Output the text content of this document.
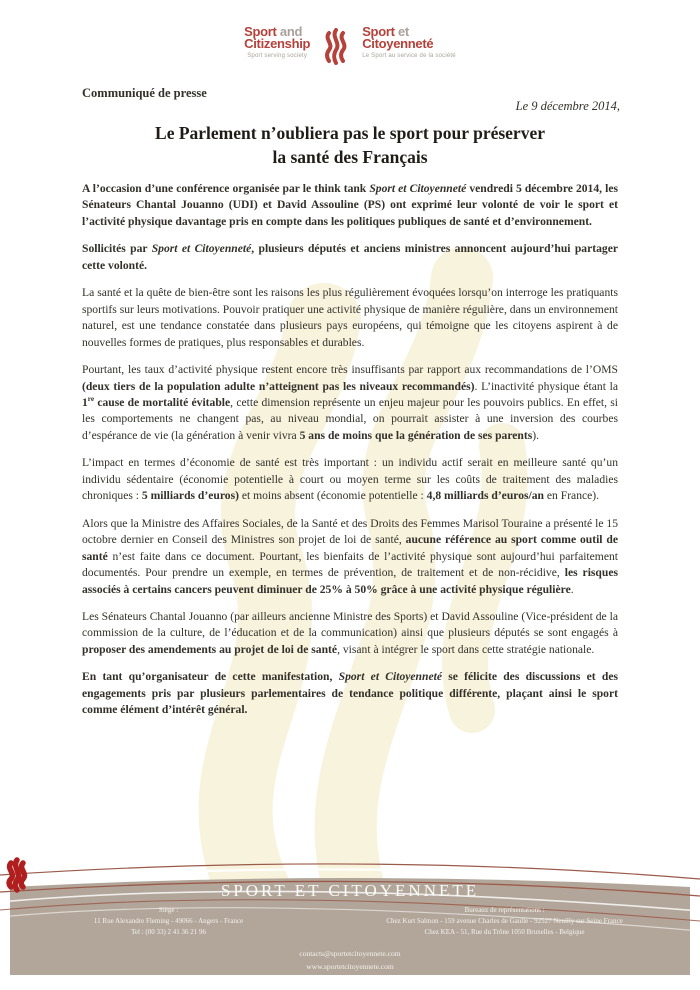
Sport and
Citizenship
Sport serving society
Sport et
Citoyenneté
Le Sport au service de la société
Communiqué de presse
Le 9 décembre 2014,
Le Parlement n’oubliera pas le sport pour préserver
la santé des Français

A l’occasion d’une conférence organisée par le think tank Sport et Citoyenneté vendredi 5 décembre 2014, les Sénateurs Chantal Jouanno (UDI) et David Assouline (PS) ont exprimé leur volonté de voir le sport et l’activité physique davantage pris en compte dans les politiques publiques de santé et d’environnement.

Sollicités par Sport et Citoyenneté, plusieurs députés et anciens ministres annoncent aujourd’hui partager cette volonté.

La santé et la quête de bien-être sont les raisons les plus régulièrement évoquées lorsqu’on interroge les pratiquants sportifs sur leurs motivations. Pouvoir pratiquer une activité physique de manière régulière, dans un environnement naturel, est une tendance constatée dans plusieurs pays européens, qui témoigne que les citoyens aspirent à de nouvelles formes de pratiques, plus responsables et durables.

Pourtant, les taux d’activité physique restent encore très insuffisants par rapport aux recommandations de l’OMS (deux tiers de la population adulte n’atteignent pas les niveaux recommandés). L’inactivité physique étant la 1re cause de mortalité évitable, cette dimension représente un enjeu majeur pour les pouvoirs publics. En effet, si les comportements ne changent pas, au niveau mondial, on pourrait assister à une inversion des courbes d’espérance de vie (la génération à venir vivra 5 ans de moins que la génération de ses parents).

L’impact en termes d’économie de santé est très important : un individu actif serait en meilleure santé qu’un individu sédentaire (économie potentielle à court ou moyen terme sur les coûts de traitement des maladies chroniques : 5 milliards d’euros) et moins absent (économie potentielle : 4,8 milliards d’euros/an en France).

Alors que la Ministre des Affaires Sociales, de la Santé et des Droits des Femmes Marisol Touraine a présenté le 15 octobre dernier en Conseil des Ministres son projet de loi de santé, aucune référence au sport comme outil de santé n’est faite dans ce document. Pourtant, les bienfaits de l’activité physique sont aujourd’hui parfaitement documentés. Pour prendre un exemple, en termes de prévention, de traitement et de non-récidive, les risques associés à certains cancers peuvent diminuer de 25% à 50% grâce à une activité physique régulière.

Les Sénateurs Chantal Jouanno (par ailleurs ancienne Ministre des Sports) et David Assouline (Vice-président de la commission de la culture, de l’éducation et de la communication) ainsi que plusieurs députés se sont engagés à proposer des amendements au projet de loi de santé, visant à intégrer le sport dans cette stratégie nationale.

En tant qu’organisateur de cette manifestation, Sport et Citoyenneté se félicite des discussions et des engagements pris par plusieurs parlementaires de tendance politique différente, plaçant ainsi le sport comme élément d’intérêt général.

SPORT ET CITOYENNETE
Siège :
11 Rue Alexandre Fleming - 49066 - Angers - France
Tel : (00 33) 2 41 36 21 96
Bureaux de représentations :
Chez Kurt Salmon - 159 avenue Charles de Gaulle - 92527 Neuilly sur Seine France
Chez KEA - 51, Rue du Trône 1050 Bruxelles - Belgique
contacts@sportetcitoyennete.com
www.sportetcitoyennete.com
